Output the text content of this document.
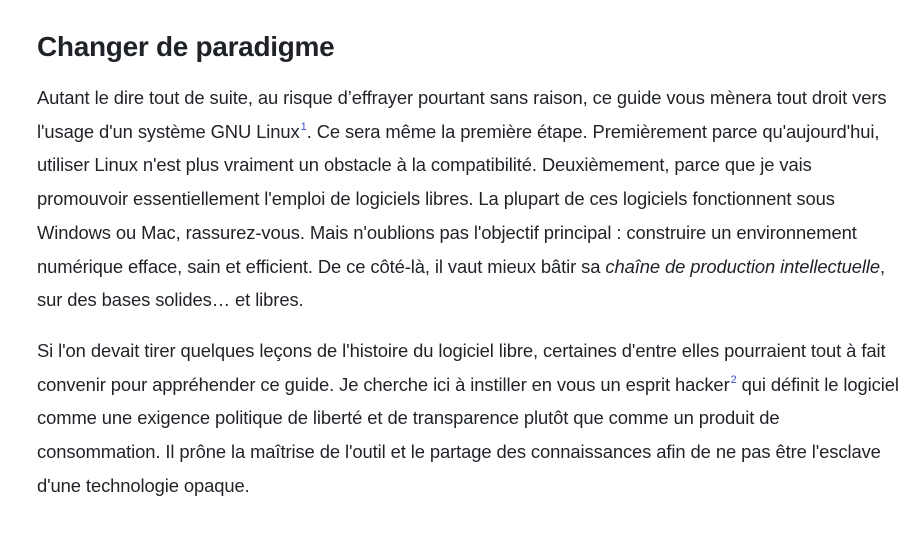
Changer de paradigme

Autant le dire tout de suite, au risque d’effrayer pourtant sans raison, ce guide vous mènera tout droit vers l'usage d'un système GNU Linux$^1$. Ce sera même la première étape. Premièrement parce qu'aujourd'hui, utiliser Linux n'est plus vraiment un obstacle à la compatibilité. Deuxièmement, parce que je vais promouvoir essentiellement l'emploi de logiciels libres. La plupart de ces logiciels fonctionnent sous Windows ou Mac, rassurez-vous. Mais n'oublions pas l'objectif principal : construire un environnement numérique efface, sain et efficient. De ce côté-là, il vaut mieux bâtir sa chaîne de production intellectuelle, sur des bases solides… et libres.

Si l'on devait tirer quelques leçons de l'histoire du logiciel libre, certaines d'entre elles pourraient tout à fait convenir pour appréhender ce guide. Je cherche ici à instiller en vous un esprit hacker$^2$ qui définit le logiciel comme une exigence politique de liberté et de transparence plutôt que comme un produit de consommation. Il prône la maîtrise de l'outil et le partage des connaissances afin de ne pas être l'esclave d'une technologie opaque.
